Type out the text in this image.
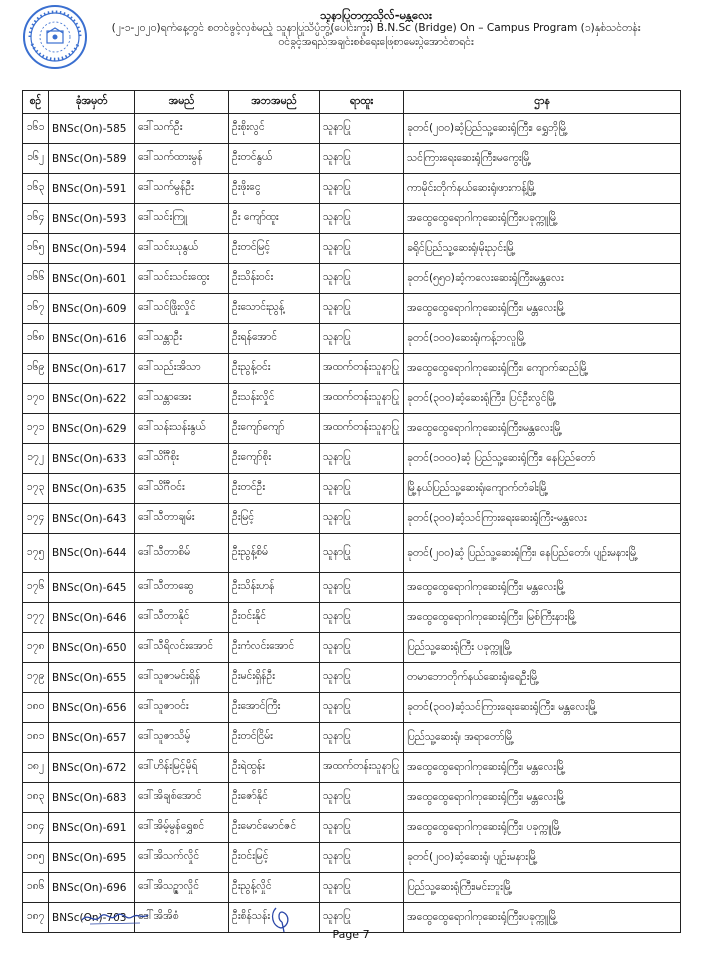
သူနာပြုတက္ကသိုလ်-မန္တလေး
(၂-၁-၂၀၂၀)ရက်နေ့တွင် စတင်ဖွင့်လှစ်မည့် သူနာပြုသိပ္ပံဘွဲ့(ပေါင်းကူး) B.N.Sc (Bridge) On – Campus Program (၁)နှစ်သင်တန်း
ဝင်ခွင့်အရည်အချင်းစစ်ရေးဖြေစာမေးပွဲအောင်စာရင်း
စဉ်	ခုံအမှတ်	အမည်	အဘအမည်	ရာထူး	ဌာန
၁၆၁	BNSc(On)-585	ဒေါ်သက်ဦး	ဦးစိုးလွင်	သူနာပြု	ခုတင်(၂၀၀)ဆံ့ပြည်သူ့ဆေးရုံကြီး၊ ရွှေဘိုမြို့
၁၆၂	BNSc(On)-589	ဒေါ်သက်ထားမွန်	ဦးတင်နွယ်	သူနာပြု	သင်ကြားရေးဆေးရုံကြီး၊မကွေးမြို့
၁၆၃	BNSc(On)-591	ဒေါ်သက်မွန်ဦး	ဦးဖိုးငွေ	သူနာပြု	ကာမိုင်းတိုက်နယ်ဆေးရုံ၊ဖားကန့်မြို့
၁၆၄	BNSc(On)-593	ဒေါ်သင်းကြူ	ဦး ကျော်ထူး	သူနာပြု	အထွေထွေရောဂါကုဆေးရုံကြီး၊ပခုက္ကူမြို့
၁၆၅	BNSc(On)-594	ဒေါ်သင်းယုနွယ်	ဦးတင်မြင့်	သူနာပြု	ခရိုင်ပြည်သူ့ဆေးရုံ၊မိုးညှင်းမြို့
၁၆၆	BNSc(On)-601	ဒေါ်သင်းသင်းထွေး	ဦးသိန်းဝင်း	သူနာပြု	ခုတင်(၅၅၀)ဆံ့ကလေးဆေးရုံကြီး၊မန္တလေး
၁၆၇	BNSc(On)-609	ဒေါ်သင်ဖြိုးလှိုင်	ဦးသောင်းညွန့်	သူနာပြု	အထွေထွေရောဂါကုဆေးရုံကြီး၊ မန္တလေးမြို့
၁၆၈	BNSc(On)-616	ဒေါ်သန္တာဦး	ဦးရန်အောင်	သူနာပြု	ခုတင်(၁၀၀)ဆေးရုံ၊ကန့်ဘလူမြို့
၁၆၉	BNSc(On)-617	ဒေါ်သည်းအိသာ	ဦးညွန့်ဝင်း	အထက်တန်းသူနာပြု	အထွေထွေရောဂါကုဆေးရုံကြီး၊ ကျောက်ဆည်မြို့
၁၇၀	BNSc(On)-622	ဒေါ်သန္တာအေး	ဦးသန်းလှိုင်	အထက်တန်းသူနာပြု	ခုတင်(၃၀၀)ဆံ့ဆေးရုံကြီး၊ ပြင်ဦးလွင်မြို့
၁၇၁	BNSc(On)-629	ဒေါ်သန်းသန်းနွယ်	ဦးကျော်ကျော်	အထက်တန်းသူနာပြု	အထွေထွေရောဂါကုဆေးရုံကြီး၊မန္တလေးမြို့
၁၇၂	BNSc(On)-633	ဒေါ်သိင်္ဂီစိုး	ဦးကျော်စိုး	သူနာပြု	ခုတင်(၁၀၀၀)ဆံ့ ပြည်သူ့ဆေးရုံကြီး၊ နေပြည်တော်
၁၇၃	BNSc(On)-635	ဒေါ်သိင်္ဂီဝင်း	ဦးတင်ဦး	သူနာပြု	မြို့နယ်ပြည်သူ့ဆေးရုံ၊ကျောက်တံခါးမြို့
၁၇၄	BNSc(On)-643	ဒေါ်သီတာချမ်း	ဦးမြင့်	သူနာပြု	ခုတင်(၃၀၀)ဆံ့သင်ကြားရေးဆေးရုံကြီး-မန္တလေး
၁၇၅	BNSc(On)-644	ဒေါ်သီတာစိမ်	ဦးညွန့်စိမ်	သူနာပြု	ခုတင်(၂၀၀)ဆံ့ ပြည်သူ့ဆေးရုံကြီး၊ နေပြည်တော်၊ ပျဉ်းမနားမြို့
၁၇၆	BNSc(On)-645	ဒေါ်သီတာဆွေ	ဦးသိန်းဟန်	သူနာပြု	အထွေထွေရောဂါကုဆေးရုံကြီး၊ မန္တလေးမြို့
၁၇၇	BNSc(On)-646	ဒေါ်သီတာနိုင်	ဦးဝင်းနိုင်	သူနာပြု	အထွေထွေရောဂါကုဆေးရုံကြီး၊ မြစ်ကြီးနားမြို့
၁၇၈	BNSc(On)-650	ဒေါ်သီရိလင်းအောင်	ဦးကံလင်းအောင်	သူနာပြု	ပြည်သူ့ဆေးရုံကြီး ပခုက္ကူမြို့
၁၇၉	BNSc(On)-655	ဒေါ်သူဇာမင်းရှိန်	ဦးမင်းရှိန်ဦး	သူနာပြု	တမာဘောတိုက်နယ်ဆေးရုံ၊ရေဦးမြို့
၁၈၀	BNSc(On)-656	ဒေါ်သူဇာဝင်း	ဦးအောင်ကြီး	သူနာပြု	ခုတင်(၃၀၀)ဆံ့သင်ကြားရေးဆေးရုံကြီး၊ မန္တလေးမြို့
၁၈၁	BNSc(On)-657	ဒေါ်သူဇာသိမ့်	ဦးတင်ငြိမ်း	သူနာပြု	ပြည်သူ့ဆေးရုံ၊ အရာတော်မြို့
၁၈၂	BNSc(On)-672	ဒေါ်ဟိန်းမြင့်မိုရ်	ဦးရဲထွန်း	အထက်တန်းသူနာပြု	အထွေထွေရောဂါကုဆေးရုံကြီး၊ မန္တလေးမြို့
၁၈၃	BNSc(On)-683	ဒေါ်အိချစ်အောင်	ဦးဇော်နိုင်	သူနာပြု	အထွေထွေရောဂါကုဆေးရုံကြီး၊ မန္တလေးမြို့
၁၈၄	BNSc(On)-691	ဒေါ်အိမ့်မွန်ရွှေစင်	ဦးမောင်မောင်ဇင်	သူနာပြု	အထွေထွေရောဂါကုဆေးရုံကြီး၊ ပခုက္ကူမြို့
၁၈၅	BNSc(On)-695	ဒေါ်အိသက်လှိုင်	ဦးဝင်းမြင့်	သူနာပြု	ခုတင်(၂၀၀)ဆံ့ဆေးရုံ၊ ပျဉ်းမနားမြို့
၁၈၆	BNSc(On)-696	ဒေါ်အိသဉ္ဇာလှိုင်	ဦးညွန့်လှိုင်	သူနာပြု	ပြည်သူ့ဆေးရုံကြီး၊မင်းဘူးမြို့
၁၈၇	BNSc(On)-703	ဒေါ်အိအိစံ	ဦးစိန်သန်း	သူနာပြု	အထွေထွေရောဂါကုဆေးရုံကြီး၊ပခုက္ကူမြို့
Page 7
